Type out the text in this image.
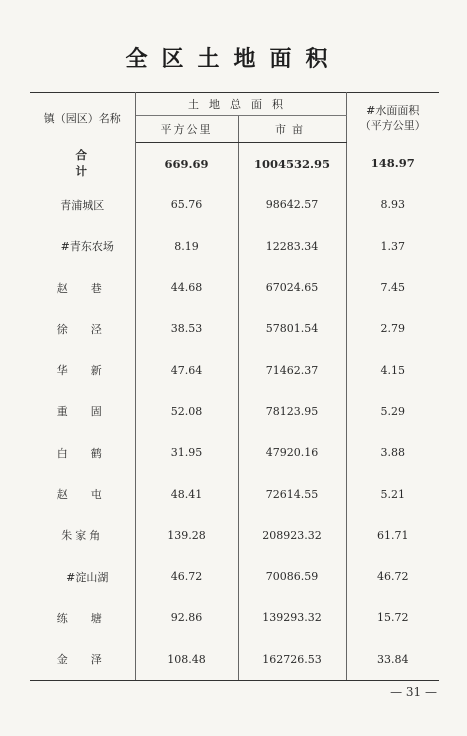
全区土地面积
镇（园区）名称	土地总面积		#水面面积
（平方公里）

	平方公里	市亩	
合　计	669.69	1004532.95	148.97
青浦城区	65.76	98642.57	8.93
#青东农场	8.19	12283.34	1.37
赵　巷	44.68	67024.65	7.45
徐　泾	38.53	57801.54	2.79
华　新	47.64	71462.37	4.15
重　固	52.08	78123.95	5.29
白　鹤	31.95	47920.16	3.88
赵　屯	48.41	72614.55	5.21
朱家角	139.28	208923.32	61.71
#淀山湖	46.72	70086.59	46.72
练　塘	92.86	139293.32	15.72
金　泽	108.48	162726.53	33.84
— 31 —
